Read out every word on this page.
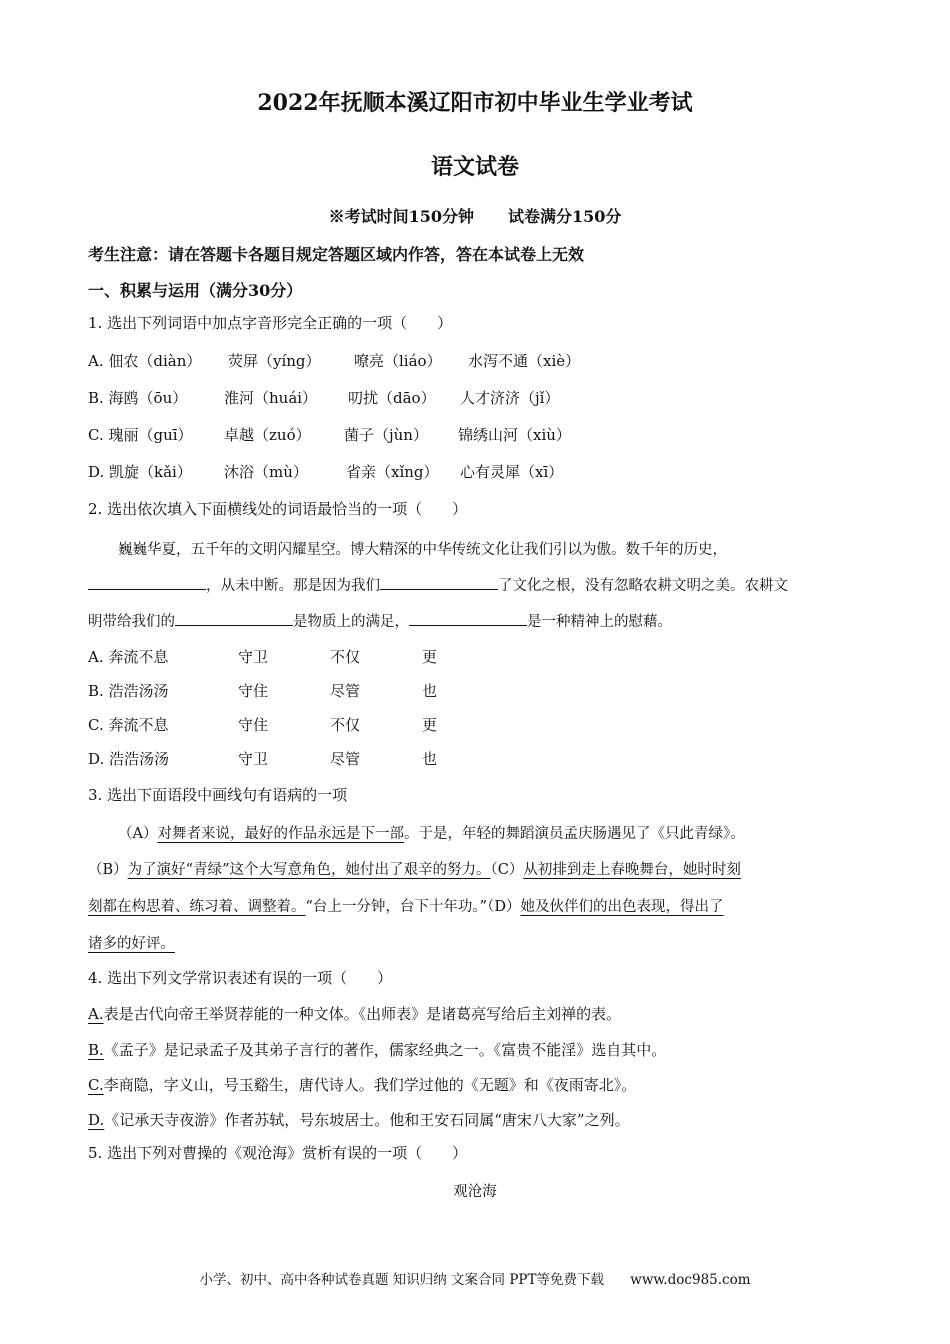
2022年抚顺本溪辽阳市初中毕业生学业考试
语文试卷
※考试时间150分钟 试卷满分150分
考生注意：请在答题卡各题目规定答题区域内作答，答在本试卷上无效
一、积累与运用（满分30分）
1. 选出下列词语中加点字音形完全正确的一项（　　）
A. 佃农（diàn） 荧屏（yíng） 嘹亮（liáo） 水泻不通（xiè）
B. 海鸥（ōu） 淮河（huái） 叨扰（dāo） 人才济济（jǐ）
C. 瑰丽（guī） 卓越（zuó） 菌子（jùn） 锦绣山河（xiù）
D. 凯旋（kǎi） 沐浴（mù）	省亲（xǐng） 心有灵犀（xī）
2. 选出依次填入下面横线处的词语最恰当的一项（　　）
巍巍华夏，五千年的文明闪耀星空。博大精深的中华传统文化让我们引以为傲。数千年的历史，
，从未中断。那是因为我们	了文化之根，没有忽略农耕文明之美。农耕文
明带给我们的	是物质上的满足，	是一种精神上的慰藉。
A. 奔流不息	守卫	不仅	更
B. 浩浩汤汤	守住	尽管	也
C. 奔流不息	守住	不仅	更
D. 浩浩汤汤	守卫	尽管	也
3. 选出下面语段中画线句有语病的一项
（A）对舞者来说，最好的作品永远是下一部。于是，年轻的舞蹈演员孟庆肠遇见了《只此青绿》。
（B）为了演好“青绿”这个大写意角色，她付出了艰辛的努力。（C）从初排到走上春晚舞台，她时时刻
刻都在构思着、练习着、调整着。“台上一分钟，台下十年功。”（D）她及伙伴们的出色表现，得出了
诸多的好评。
4. 选出下列文学常识表述有误的一项（　　）
A.表是古代向帝王举贤荐能的一种文体。《出师表》是诸葛亮写给后主刘禅的表。
B.《孟子》是记录孟子及其弟子言行的著作，儒家经典之一。《富贵不能淫》选自其中。
C.李商隐，字义山，号玉谿生，唐代诗人。我们学过他的《无题》和《夜雨寄北》。
D.《记承天寺夜游》作者苏轼，号东坡居士。他和王安石同属“唐宋八大家”之列。
5. 选出下列对曹操的《观沧海》赏析有误的一项（　　）
观沧海
小学、初中、高中各种试卷真题 知识归纳 文案合同 PPT等免费下载 www.doc985.com
